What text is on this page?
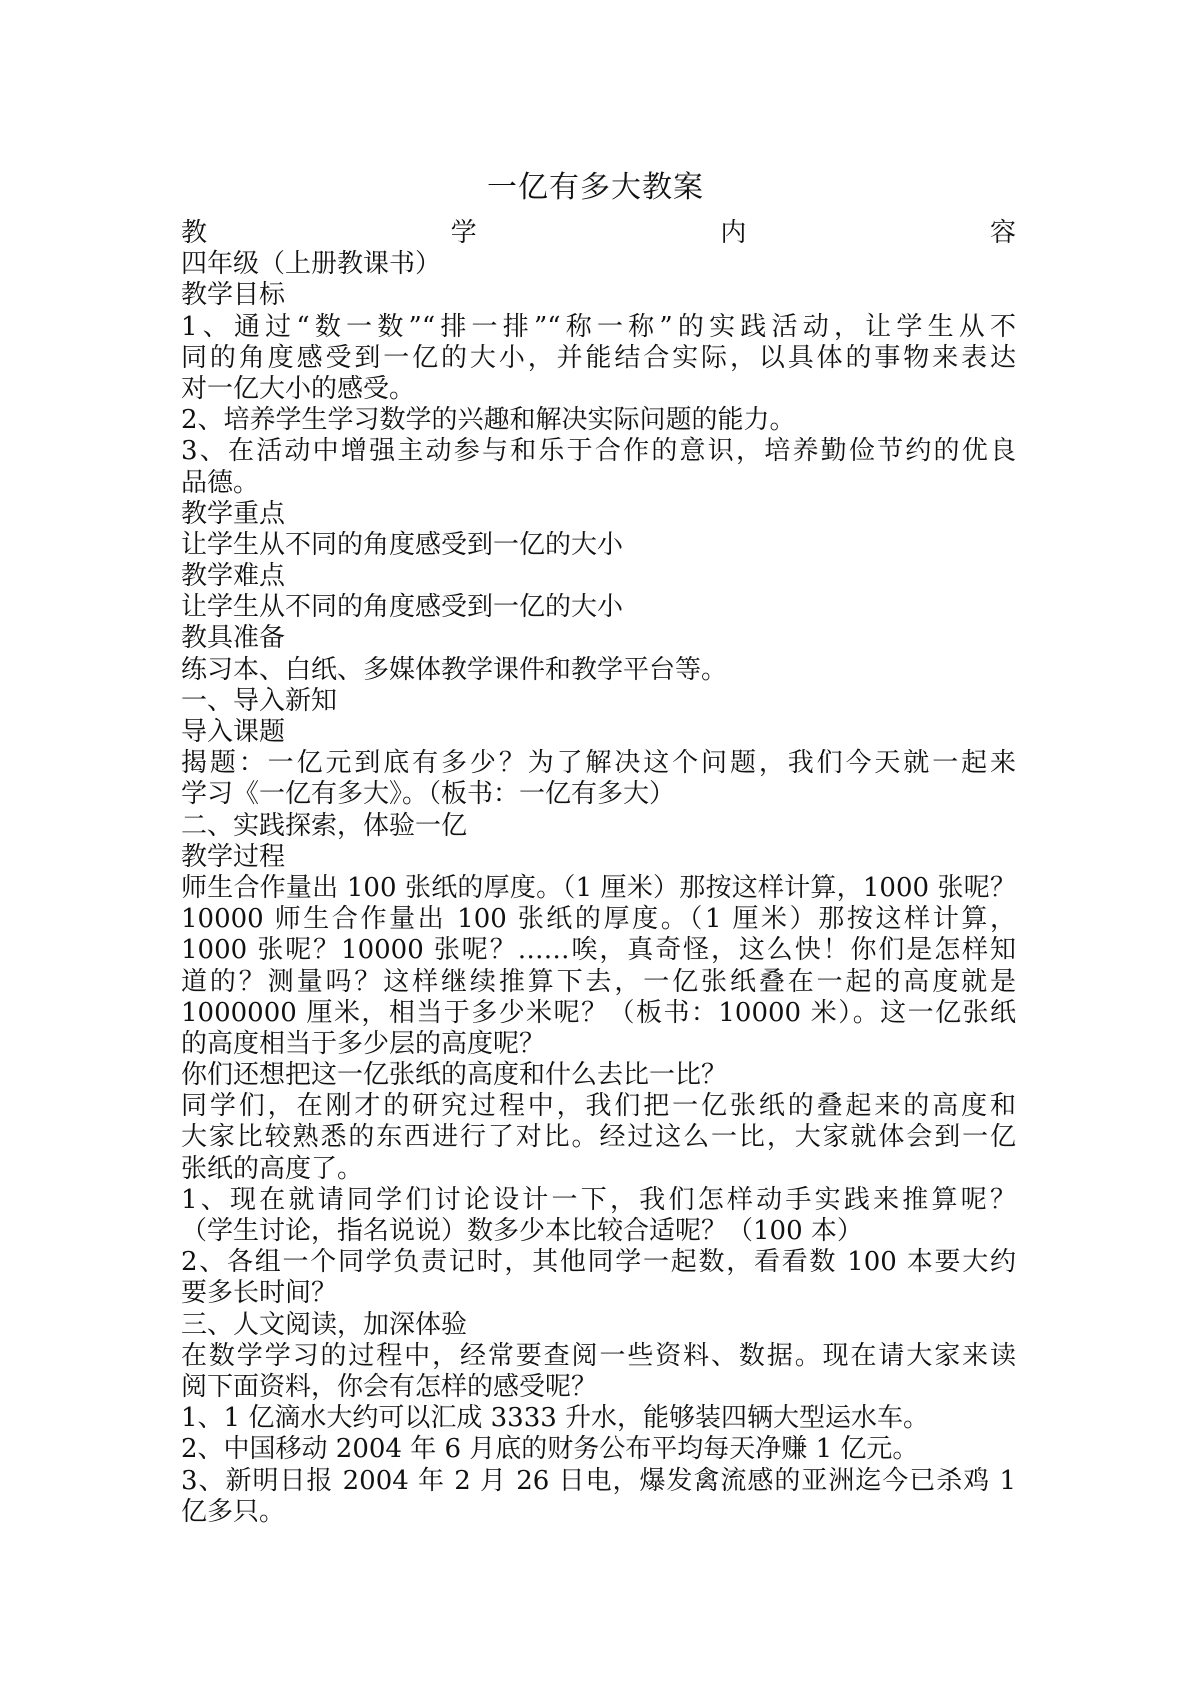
一亿有多大教案
教学内容
四年级（上册教课书）
教学目标
1、通过“数一数”“排一排”“称一称”的实践活动，让学生从不
同的角度感受到一亿的大小，并能结合实际，以具体的事物来表达
对一亿大小的感受。
2、培养学生学习数学的兴趣和解决实际问题的能力。
3、在活动中增强主动参与和乐于合作的意识，培养勤俭节约的优良
品德。
教学重点
让学生从不同的角度感受到一亿的大小
教学难点
让学生从不同的角度感受到一亿的大小
教具准备
练习本、白纸、多媒体教学课件和教学平台等。
一、导入新知
导入课题
揭题：一亿元到底有多少？为了解决这个问题，我们今天就一起来
学习《一亿有多大》。（板书：一亿有多大）
二、实践探索，体验一亿
教学过程
师生合作量出 100 张纸的厚度。（1 厘米）那按这样计算，1000 张呢？
10000 师生合作量出 100 张纸的厚度。（1 厘米）那按这样计算，
1000 张呢？10000 张呢？……唉，真奇怪，这么快！你们是怎样知
道的？测量吗？这样继续推算下去，一亿张纸叠在一起的高度就是
1000000 厘米，相当于多少米呢？（板书：10000 米）。这一亿张纸
的高度相当于多少层的高度呢？
你们还想把这一亿张纸的高度和什么去比一比？
同学们，在刚才的研究过程中，我们把一亿张纸的叠起来的高度和
大家比较熟悉的东西进行了对比。经过这么一比，大家就体会到一亿
张纸的高度了。
1、现在就请同学们讨论设计一下，我们怎样动手实践来推算呢？
（学生讨论，指名说说）数多少本比较合适呢？（100 本）
2、各组一个同学负责记时，其他同学一起数，看看数 100 本要大约
要多长时间？
三、人文阅读，加深体验
在数学学习的过程中，经常要查阅一些资料、数据。现在请大家来读
阅下面资料，你会有怎样的感受呢？
1、1 亿滴水大约可以汇成 3333 升水，能够装四辆大型运水车。
2、中国移动 2004 年 6 月底的财务公布平均每天净赚 1 亿元。
3、新明日报 2004 年 2 月 26 日电，爆发禽流感的亚洲迄今已杀鸡 1
亿多只。
